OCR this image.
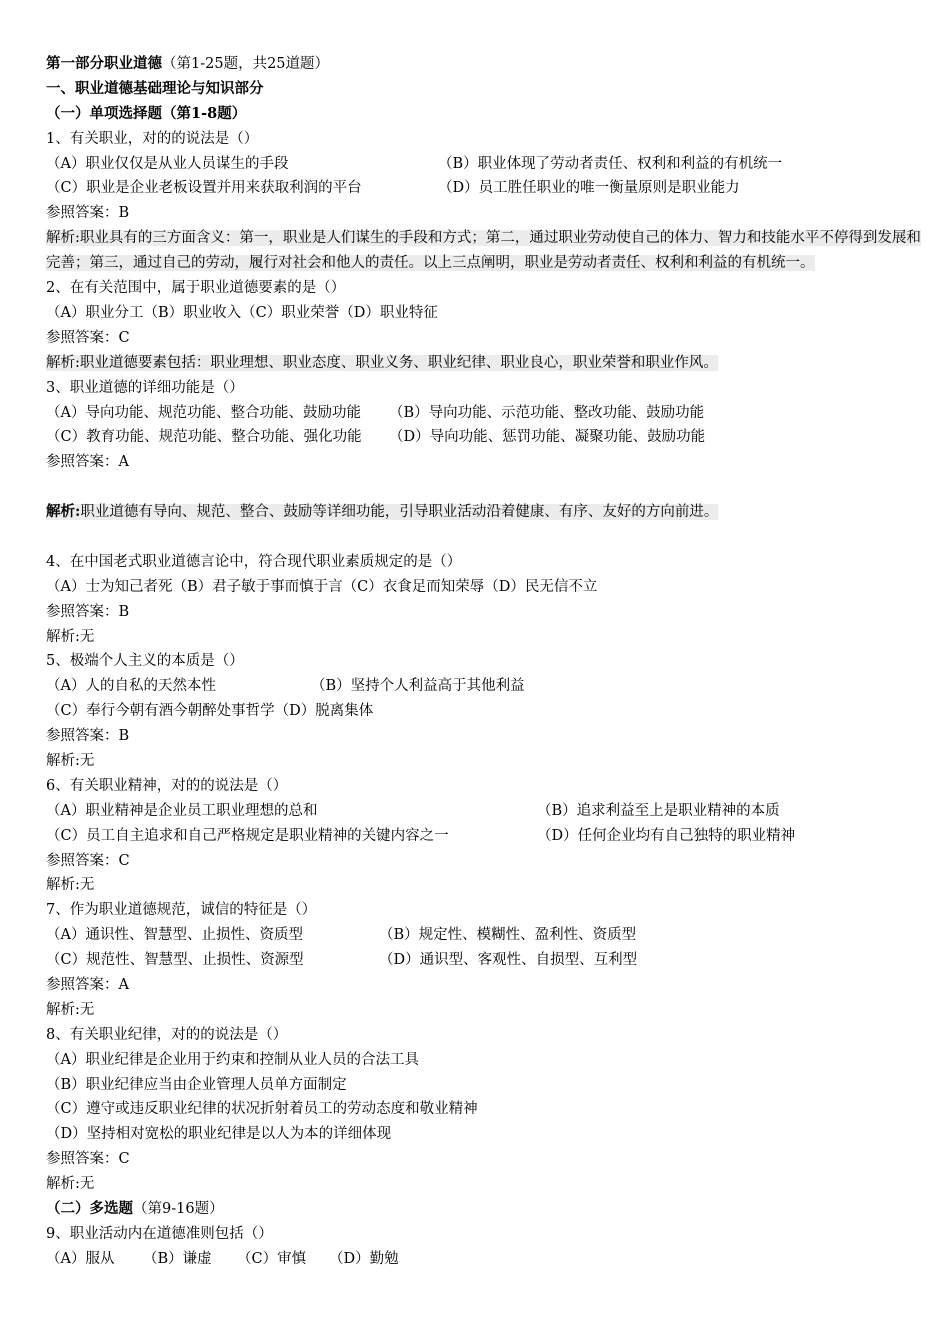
第一部分职业道德（第1-25题，共25道题）
一、职业道德基础理论与知识部分
（一）单项选择题（第1-8题）
1、有关职业，对的的说法是（）
（A）职业仅仅是从业人员谋生的手段	（B）职业体现了劳动者责任、权利和利益的有机统一
（C）职业是企业老板设置并用来获取利润的平台	（D）员工胜任职业的唯一衡量原则是职业能力
参照答案：B
解析:职业具有的三方面含义：第一，职业是人们谋生的手段和方式；第二，通过职业劳动使自己的体力、智力和技能水平不停得到发展和完善；第三，通过自己的劳动，履行对社会和他人的责任。以上三点阐明，职业是劳动者责任、权利和利益的有机统一。
2、在有关范围中，属于职业道德要素的是（）
（A）职业分工（B）职业收入（C）职业荣誉（D）职业特征
参照答案：C
解析:职业道德要素包括：职业理想、职业态度、职业义务、职业纪律、职业良心，职业荣誉和职业作风。
3、职业道德的详细功能是（）
（A）导向功能、规范功能、整合功能、鼓励功能 （B）导向功能、示范功能、整改功能、鼓励功能
（C）教育功能、规范功能、整合功能、强化功能 （D）导向功能、惩罚功能、凝聚功能、鼓励功能
参照答案：A
解析:职业道德有导向、规范、整合、鼓励等详细功能，引导职业活动沿着健康、有序、友好的方向前进。
4、在中国老式职业道德言论中，符合现代职业素质规定的是（）
（A）士为知己者死（B）君子敏于事而慎于言（C）衣食足而知荣辱（D）民无信不立
参照答案：B
解析:无
5、极端个人主义的本质是（）
（A）人的自私的天然本性	（B）坚持个人利益高于其他利益
（C）奉行今朝有酒今朝醉处事哲学（D）脱离集体
参照答案：B
解析:无
6、有关职业精神，对的的说法是（）
（A）职业精神是企业员工职业理想的总和	（B）追求利益至上是职业精神的本质
（C）员工自主追求和自己严格规定是职业精神的关键内容之一	（D）任何企业均有自己独特的职业精神
参照答案：C
解析:无
7、作为职业道德规范，诚信的特征是（）
（A）通识性、智慧型、止损性、资质型	（B）规定性、模糊性、盈利性、资质型
（C）规范性、智慧型、止损性、资源型	（D）通识型、客观性、自损型、互利型
参照答案：A
解析:无
8、有关职业纪律，对的的说法是（）
（A）职业纪律是企业用于约束和控制从业人员的合法工具
（B）职业纪律应当由企业管理人员单方面制定
（C）遵守或违反职业纪律的状况折射着员工的劳动态度和敬业精神
（D）坚持相对宽松的职业纪律是以人为本的详细体现
参照答案：C
解析:无
（二）多选题（第9-16题）
9、职业活动内在道德准则包括（）
（A）服从 （B）谦虚 （C）审慎 （D）勤勉
